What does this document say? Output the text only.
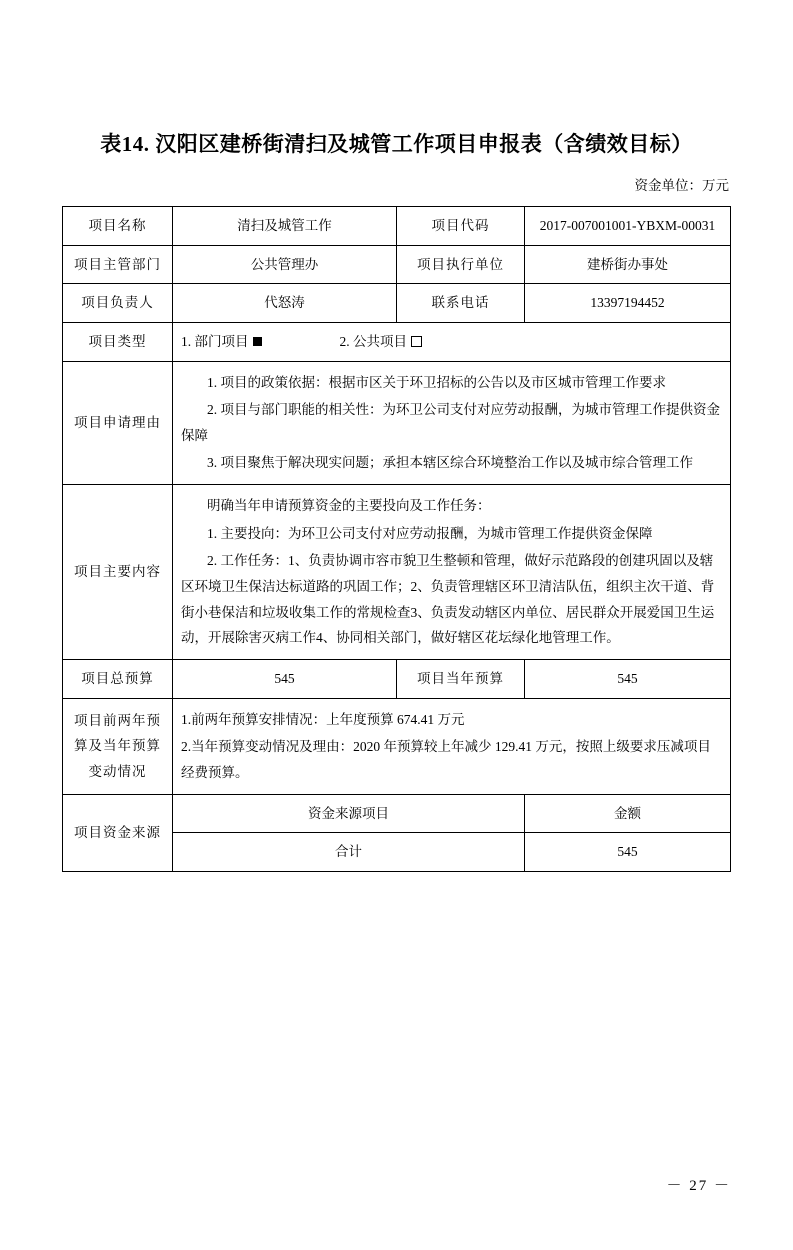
表14. 汉阳区建桥街清扫及城管工作项目申报表（含绩效目标）
资金单位：万元
项目名称	清扫及城管工作	项目代码	2017-007001001-YBXM-00031
项目主管部门	公共管理办	项目执行单位	建桥街办事处
项目负责人	代怒涛	联系电话	13397194452
项目类型	1. 部门项目 2. 公共项目		
项目申请理由	1. 项目的政策依据：根据市区关于环卫招标的公告以及市区城市管理工作要求
2. 项目与部门职能的相关性：为环卫公司支付对应劳动报酬，为城市管理工作提供资金保障
3. 项目聚焦于解决现实问题；承担本辖区综合环境整治工作以及城市综合管理工作		

项目主要内容	明确当年申请预算资金的主要投向及工作任务：
1. 主要投向：为环卫公司支付对应劳动报酬，为城市管理工作提供资金保障
2. 工作任务：1、负责协调市容市貌卫生整顿和管理，做好示范路段的创建巩固以及辖区环境卫生保洁达标道路的巩固工作；2、负责管理辖区环卫清洁队伍，组织主次干道、背街小巷保洁和垃圾收集工作的常规检查3、负责发动辖区内单位、居民群众开展爱国卫生运动，开展除害灭病工作4、协同相关部门，做好辖区花坛绿化地管理工作。		

项目总预算	545	项目当年预算	545
项目前两年预算及当年预算变动情况	1.前两年预算安排情况：上年度预算 674.41 万元
2.当年预算变动情况及理由：2020 年预算较上年减少 129.41 万元，按照上级要求压减项目经费预算。		

项目资金来源	资金来源项目		金额
	合计		545
－ 27 －
